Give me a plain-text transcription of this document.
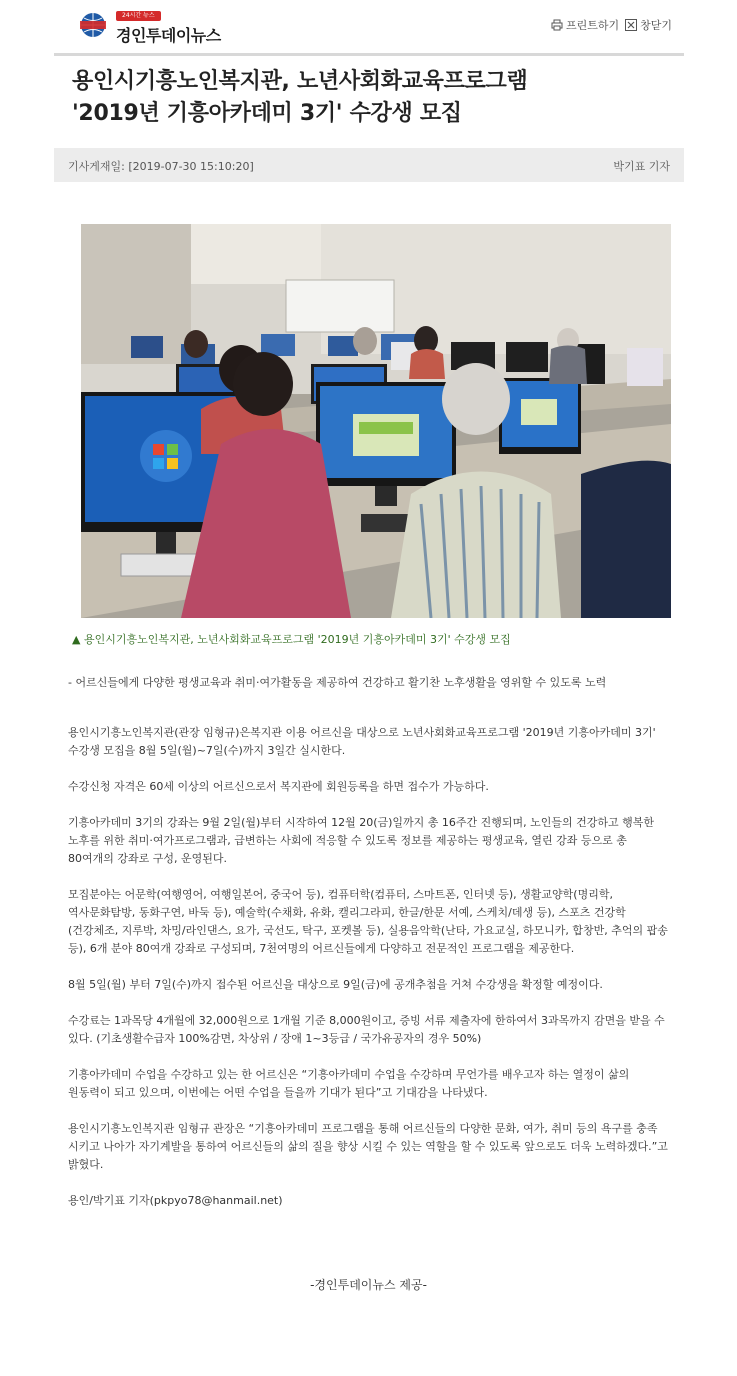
24시간 뉴스
경인투데이뉴스
프린트하기 창닫기
용인시기흥노인복지관, 노년사회화교육프로그램
'2019년 기흥아카데미 3기' 수강생 모집
기사게재일: [2019-07-30 15:10:20]	박기표 기자
▲ 용인시기흥노인복지관, 노년사회화교육프로그램 '2019년 기흥아카데미 3기' 수강생 모집

- 어르신들에게 다양한 평생교육과 취미·여가활동을 제공하여 건강하고 활기찬 노후생활을 영위할 수 있도록 노력

용인시기흥노인복지관(관장 임형규)은복지관 이용 어르신을 대상으로 노년사회화교육프로그램 '2019년 기흥아카데미 3기' 수강생 모집을 8월 5일(월)~7일(수)까지 3일간 실시한다.

수강신청 자격은 60세 이상의 어르신으로서 복지관에 회원등록을 하면 접수가 가능하다.

기흥아카데미 3기의 강좌는 9월 2일(월)부터 시작하여 12월 20(금)일까지 총 16주간 진행되며, 노인들의 건강하고 행복한 노후를 위한 취미·여가프로그램과, 급변하는 사회에 적응할 수 있도록 정보를 제공하는 평생교육, 열린 강좌 등으로 총 80여개의 강좌로 구성, 운영된다.

모집분야는 어문학(여행영어, 여행일본어, 중국어 등), 컴퓨터학(컴퓨터, 스마트폰, 인터넷 등), 생활교양학(명리학, 역사문화탐방, 동화구연, 바둑 등), 예술학(수채화, 유화, 캘리그라피, 한글/한문 서예, 스케치/데생 등), 스포츠 건강학(건강체조, 지루박, 차밍/라인댄스, 요가, 국선도, 탁구, 포켓볼 등), 실용음악학(난타, 가요교실, 하모니카, 합창반, 추억의 팝송 등), 6개 분야 80여개 강좌로 구성되며, 7천여명의 어르신들에게 다양하고 전문적인 프로그램을 제공한다.

8월 5일(월) 부터 7일(수)까지 접수된 어르신을 대상으로 9일(금)에 공개추첨을 거쳐 수강생을 확정할 예정이다.

수강료는 1과목당 4개월에 32,000원으로 1개월 기준 8,000원이고, 증빙 서류 제출자에 한하여서 3과목까지 감면을 받을 수 있다. (기초생활수급자 100%감면, 차상위 / 장애 1~3등급 / 국가유공자의 경우 50%)

기흥아카데미 수업을 수강하고 있는 한 어르신은 “기흥아카데미 수업을 수강하며 무언가를 배우고자 하는 열정이 삶의 원동력이 되고 있으며, 이번에는 어떤 수업을 들을까 기대가 된다”고 기대감을 나타냈다.

용인시기흥노인복지관 임형규 관장은 “기흥아카데미 프로그램을 통해 어르신들의 다양한 문화, 여가, 취미 등의 욕구를 충족 시키고 나아가 자기계발을 통하여 어르신들의 삶의 질을 향상 시킬 수 있는 역할을 할 수 있도록 앞으로도 더욱 노력하겠다.”고 밝혔다.

용인/박기표 기자(pkpyo78@hanmail.net)

-경인투데이뉴스 제공-
